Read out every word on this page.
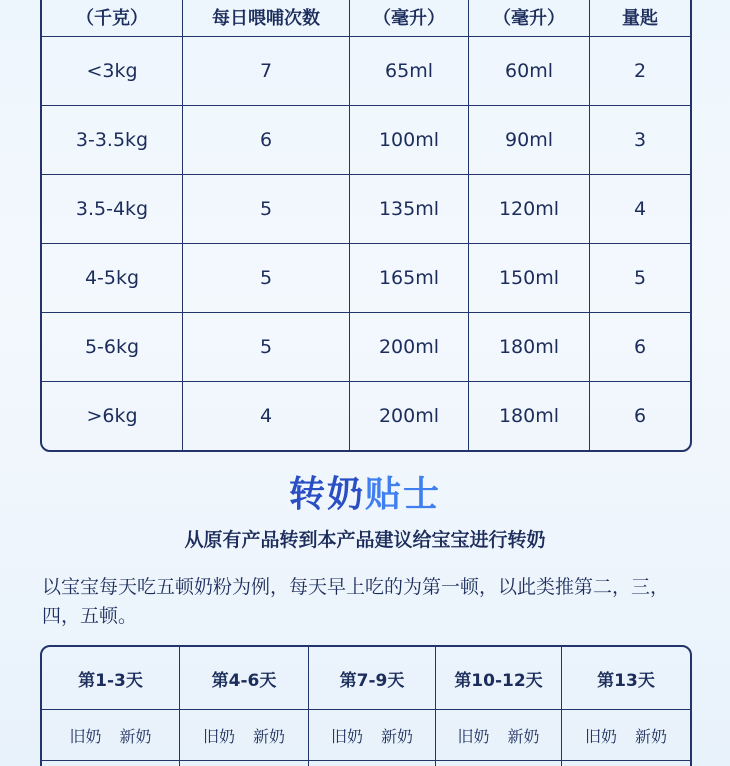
（千克）	每日喂哺次数	（毫升）	（毫升）	量匙
<3kg	7	65ml	60ml	2
3-3.5kg	6	100ml	90ml	3
3.5-4kg	5	135ml	120ml	4
4-5kg	5	165ml	150ml	5
5-6kg	5	200ml	180ml	6
>6kg	4	200ml	180ml	6
转奶贴士
从原有产品转到本产品建议给宝宝进行转奶
以宝宝每天吃五顿奶粉为例，每天早上吃的为第一顿，以此类推第二，三，四，五顿。
第1-3天	第4-6天	第7-9天	第10-12天	第13天
旧奶 新奶	旧奶 新奶	旧奶 新奶	旧奶 新奶	旧奶 新奶
